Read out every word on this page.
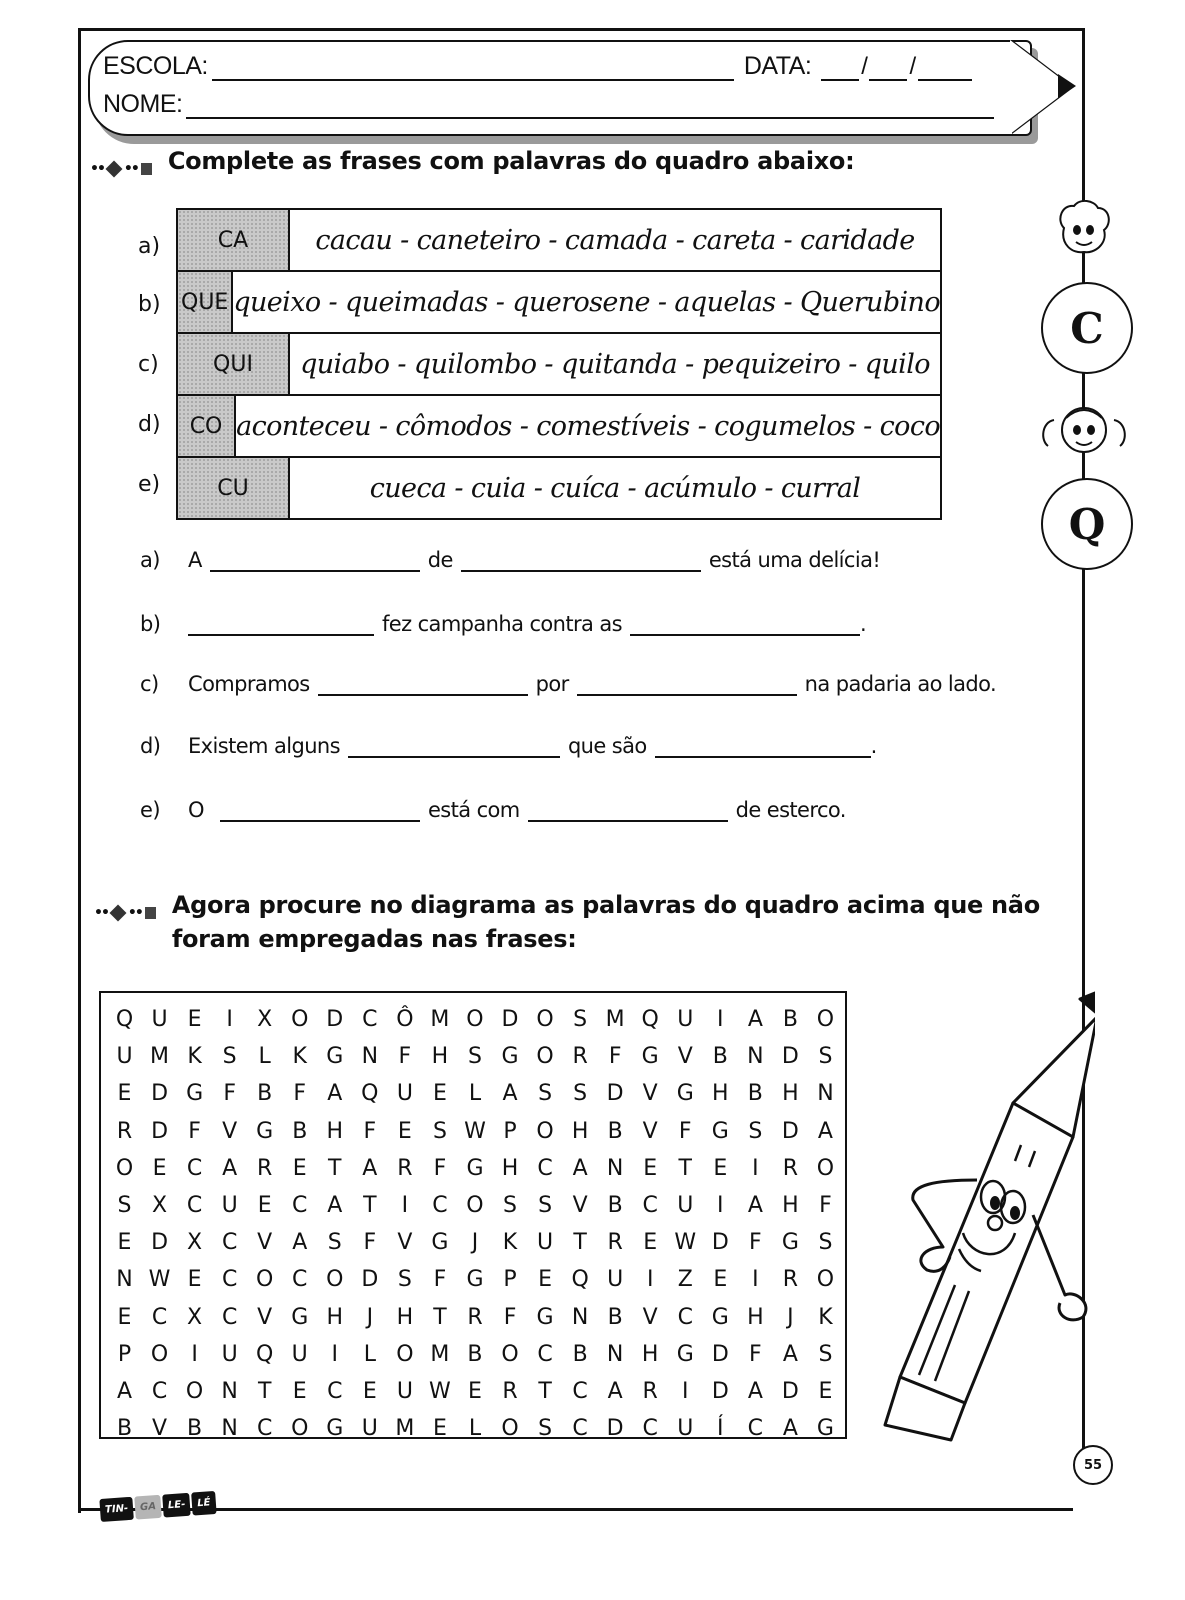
ESCOLA:	DATA: / /
NOME:
•• •• Complete as frases com palavras do quadro abaixo:
a)
b)
c)
d)
e)
CA	cacau - caneteiro - camada - careta - caridade
QUE queixo - queimadas - querosene - aquelas - Querubino
QUI	quiabo - quilombo - quitanda - pequizeiro - quilo
CO aconteceu - cômodos - comestíveis - cogumelos - coco
CU	cueca - cuia - cuíca - acúmulo - curral
a)	A	de	está uma delícia!
b)	fez campanha contra as	.
c)	Compramos	por	na padaria ao lado.
d)	Existem alguns	que são	.
e)	O	está com	de esterco.
•• •• Agora procure no diagrama as palavras do quadro acima que não
foram empregadas nas frases:
C
Q
Q U E	I	X O D C Ô M O D O S M Q U	I	A B O
U M K S L K G N F H S G O R F G V B N D S
E D G F B F A Q U E L A S S D V G H B H N
R D F V G B H F E S W P O H B V F G S D A
O E C A R E T A R F G H C A N E T E	I	R O
S X C U E C A T	I	C O S S V B C U	I	A H F
E D X C V A S F V G	J	K U T R E W D F G S
N W E C O C O D S F G P E Q U	I	Z E	I	R O
E C X C V G H	J	H T R F G N B V C G H	J	K
P O	I	U Q U	I	L O M B O C B N H G D F A S
A C O N T E C E U W E R T C A R	I	D A D E
B V B N C O G U M E L O S C D C U	Í	C A G
55
TIN-	GA	LE-	LÉ
